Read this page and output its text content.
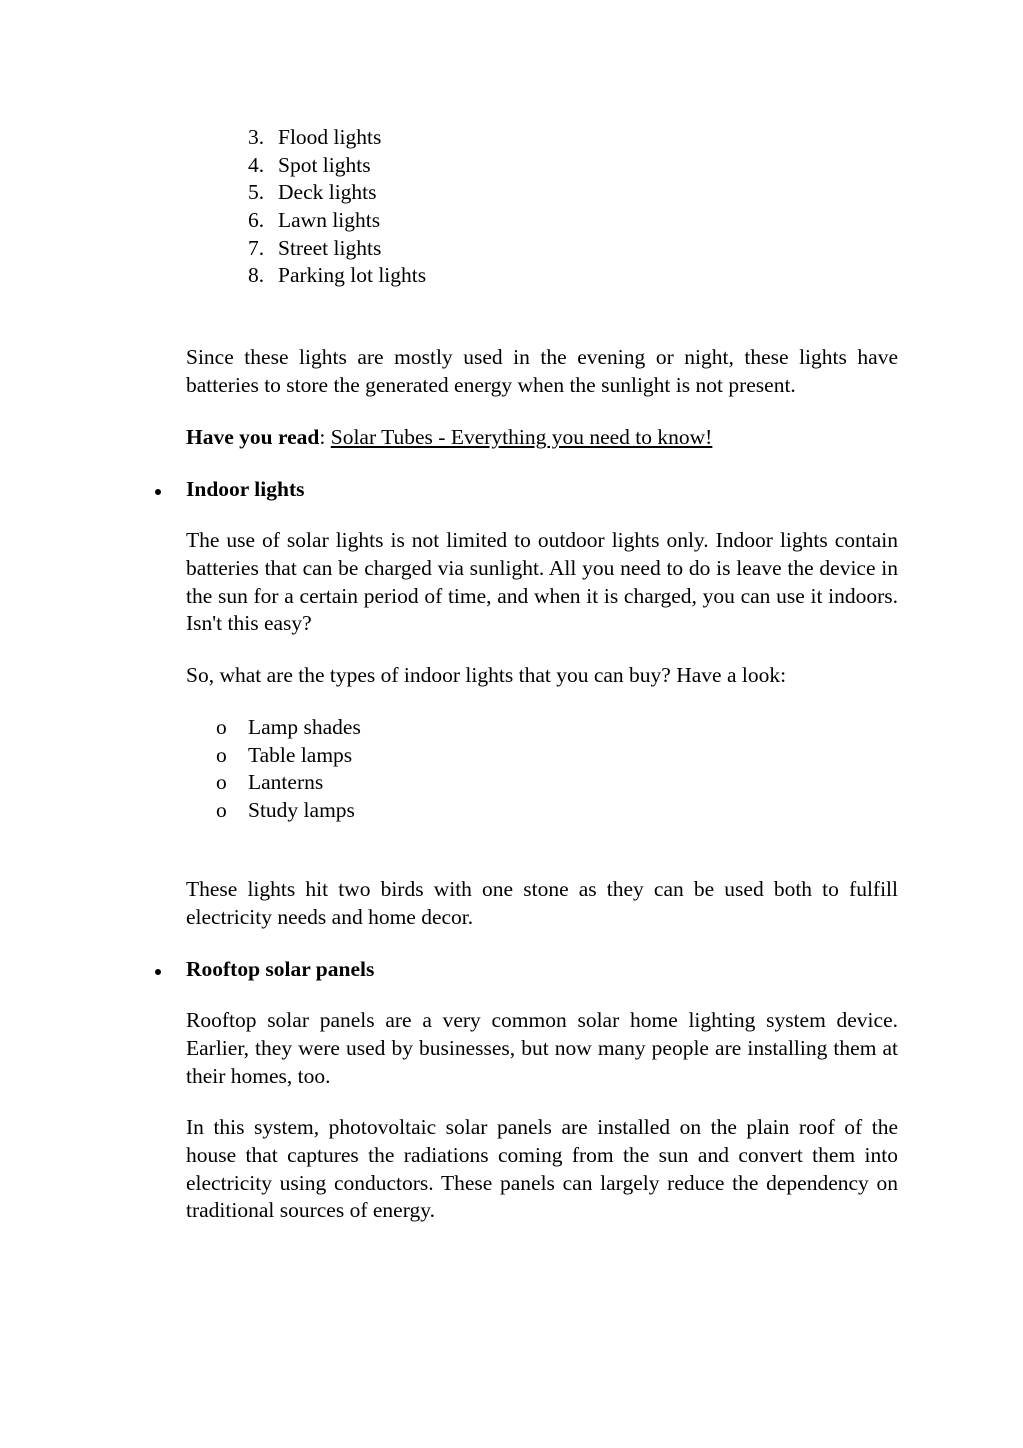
3. Flood lights
4. Spot lights
5. Deck lights
6. Lawn lights
7. Street lights
8. Parking lot lights

Since these lights are mostly used in the evening or night, these lights have batteries to store the generated energy when the sunlight is not present.

Have you read: Solar Tubes - Everything you need to know!

Indoor lights

The use of solar lights is not limited to outdoor lights only. Indoor lights contain batteries that can be charged via sunlight. All you need to do is leave the device in the sun for a certain period of time, and when it is charged, you can use it indoors. Isn't this easy?

So, what are the types of indoor lights that you can buy? Have a look:

o Lamp shades
o Table lamps
o Lanterns
o Study lamps

These lights hit two birds with one stone as they can be used both to fulfill electricity needs and home decor.

Rooftop solar panels

Rooftop solar panels are a very common solar home lighting system device. Earlier, they were used by businesses, but now many people are installing them at their homes, too.

In this system, photovoltaic solar panels are installed on the plain roof of the house that captures the radiations coming from the sun and convert them into electricity using conductors. These panels can largely reduce the dependency on traditional sources of energy.
